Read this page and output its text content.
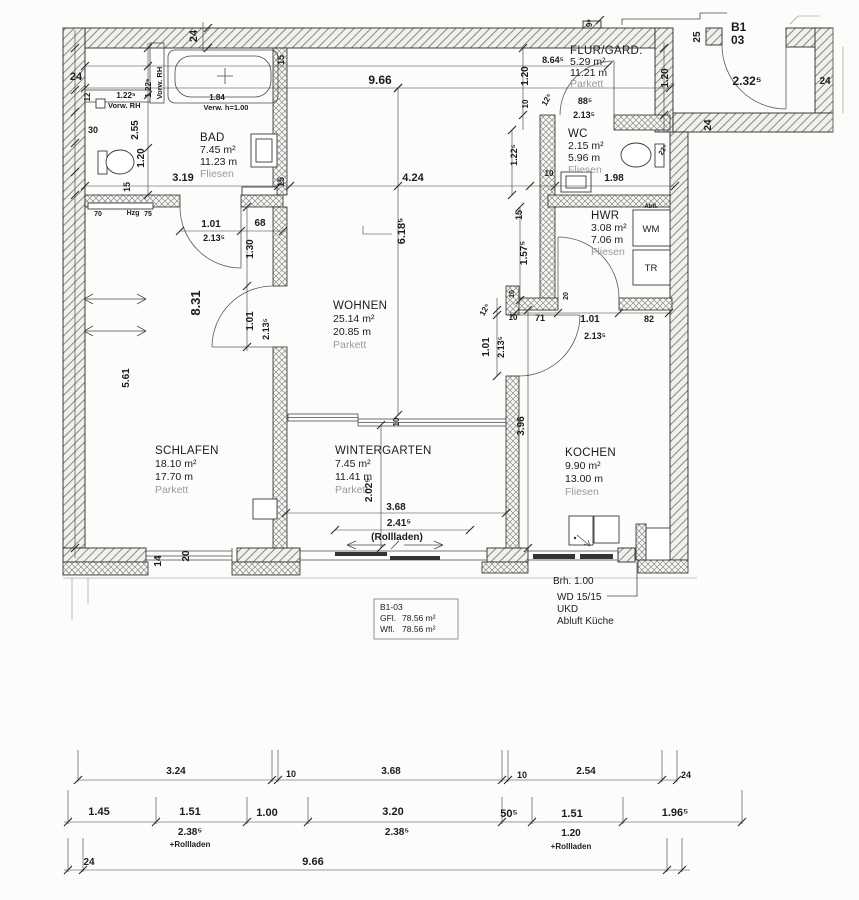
BAD
7.45 m²
11.23 m
Fliesen
WC
2.15 m²
5.96 m
Fliesen
FLUR/GARD.
5.29 m²
11.21 m
Parkett
HWR
3.08 m²
7.06 m
Fliesen
WOHNEN
25.14 m²
20.85 m
Parkett
SCHLAFEN
18.10 m²
17.70 m
Parkett
WINTERGARTEN
7.45 m²
11.41 m
Parkett
KOCHEN
9.90 m²
13.00 m
Fliesen
B1
03
WM
TR
B1-03
GFl. 78.56 m²
Wfl. 78.56 m²
(Rollladen)
Brh. 1.00
WD 15/15
UKD
Abluft Küche
24
12
30	2.55
1.20
15
24
1.22⁵
Vorw. RH
1.22⁵ Vorw. RH	1.84
Verw. h=1.00
3.19
15
15
9.66
8.64⁵
1.20
10
4.24
6.18⁵
12⁵	88⁵
2.13⁵
9⁵
25
1.20
24
2.32⁵	24
1.22⁵
10	1.98
22⁵
15
1.57⁵
10	20
10 71	1.01	82
2.13⁵
12⁵
1.01 2.13⁵
1.01
2.13⁵
68
1.30
1.01 2.13⁵
8.31
5.61
70	Hzg 75
Abfl.
10
2.02⁵
3.96
3.68
2.41⁵
14 20
3.24	10	3.68	10	2.54	24
1.45	1.51	1.00	3.20	50⁵	1.51	1.96⁵
2.38⁵
+Rollladen
2.38⁵	1.20
+Rollladen
24	9.66
